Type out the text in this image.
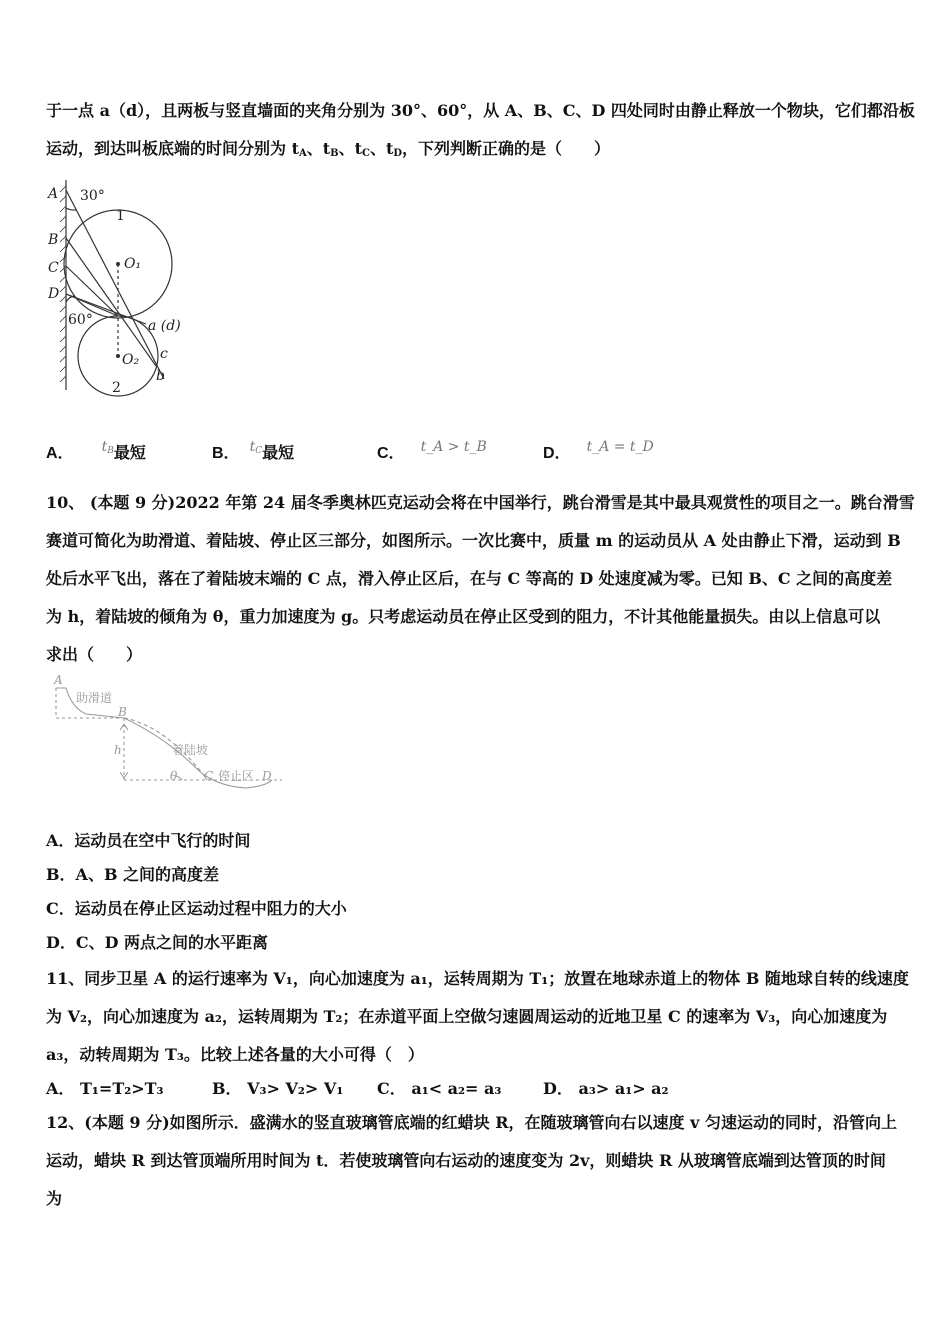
于一点 a（d），且两板与竖直墙面的夹角分别为 30°、60°，从 A、B、C、D 四处同时由静止释放一个物块，它们都沿板
运动，到达叫板底端的时间分别为 $t_A$、$t_B$、$t_C$、$t_D$，下列判断正确的是（　　）
A 30°
1
B
O₁
C
D
60°	a (d)
c
O₂
b
2
A． $t^B$最短	B． $t^C$最短	C． t_A > t_B	D． t_A = t_D
10、 (本题 9 分)2022 年第 24 届冬季奥林匹克运动会将在中国举行，跳台滑雪是其中最具观赏性的项目之一。跳台滑雪
赛道可简化为助滑道、着陆坡、停止区三部分，如图所示。一次比赛中，质量 m 的运动员从 A 处由静止下滑，运动到 B
处后水平飞出，落在了着陆坡末端的 C 点，滑入停止区后，在与 C 等高的 D 处速度减为零。已知 B、C 之间的高度差
为 h，着陆坡的倾角为 θ，重力加速度为 g。只考虑运动员在停止区受到的阻力，不计其他能量损失。由以上信息可以
求出（　　）
A
助滑道
B
h	着陆坡
θ C 停止区 D
A．运动员在空中飞行的时间
B．A、B 之间的高度差
C．运动员在停止区运动过程中阻力的大小
D．C、D 两点之间的水平距离
11、同步卫星 A 的运行速率为 V₁，向心加速度为 a₁，运转周期为 T₁；放置在地球赤道上的物体 B 随地球自转的线速度
为 V₂，向心加速度为 a₂，运转周期为 T₂；在赤道平面上空做匀速圆周运动的近地卫星 C 的速率为 V₃，向心加速度为
a₃，动转周期为 T₃。比较上述各量的大小可得（　）
A． T₁=T₂>T₃	B． V₃> V₂> V₁ C． a₁< a₂= a₃	D． a₃> a₁> a₂
12、(本题 9 分)如图所示．盛满水的竖直玻璃管底端的红蜡块 R，在随玻璃管向右以速度 v 匀速运动的同时，沿管向上
运动，蜡块 R 到达管顶端所用时间为 t．若使玻璃管向右运动的速度变为 2v，则蜡块 R 从玻璃管底端到达管顶的时间
为
